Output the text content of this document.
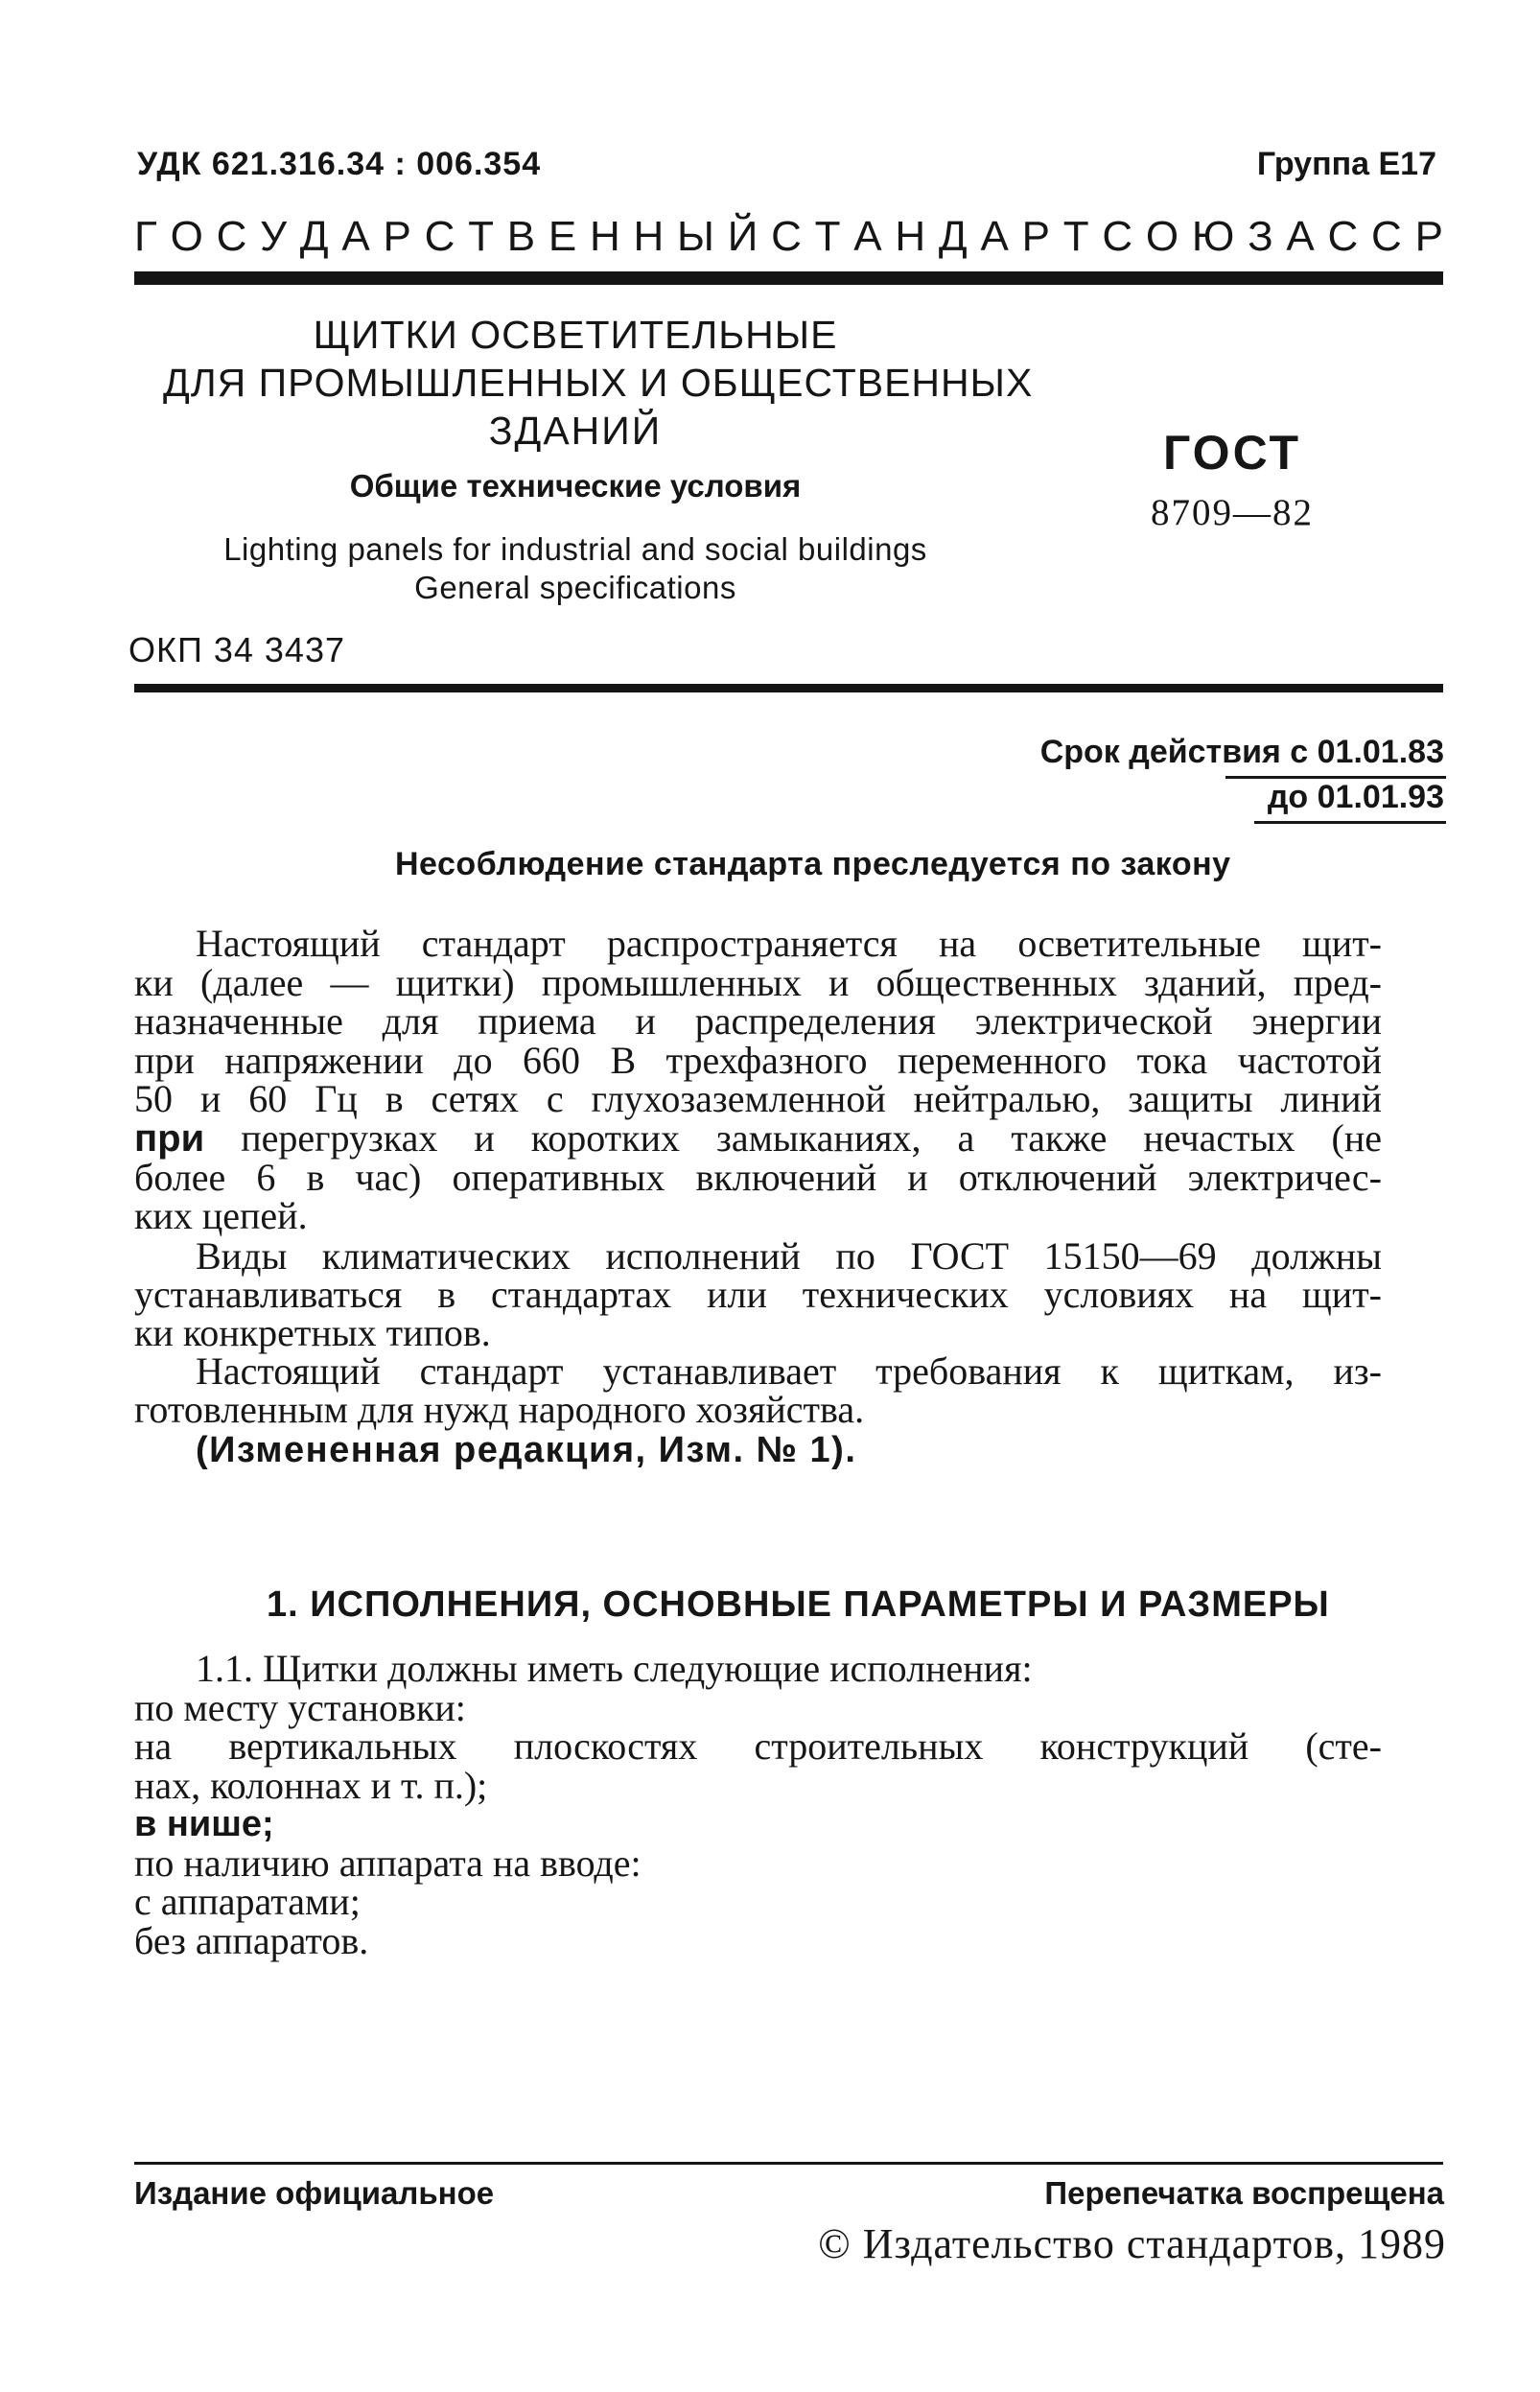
УДК 621.316.34 : 006.354	Группа Е17

Г О С У Д А Р С Т В Е Н Н Ы Й С Т А Н Д А Р Т С О Ю З А С С Р

ЩИТКИ ОСВЕТИТЕЛЬНЫЕ

ДЛЯ ПРОМЫШЛЕННЫХ И ОБЩЕСТВЕННЫХ

ЗДАНИЙ

Общие технические условия

Lighting panels for industrial and social buildings

General specifications

ГОСТ

8709—82

ОКП 34 3437

Срок действия с 01.01.83

до 01.01.93

Несоблюдение стандарта преследуется по закону

Настоящий стандарт распространяется на осветительные щит-
ки (далее — щитки) промышленных и общественных зданий, пред-
назначенные для приема и распределения электрической энергии
при напряжении до 660 В трехфазного переменного тока частотой
50 и 60 Гц в сетях с глухозаземленной нейтралью, защиты линий
при перегрузках и коротких замыканиях, а также нечастых (не
более 6 в час) оперативных включений и отключений электричес-
ких цепей.
Виды климатических исполнений по ГОСТ 15150—69 должны
устанавливаться в стандартах или технических условиях на щит-
ки конкретных типов.
Настоящий стандарт устанавливает требования к щиткам, из-
готовленным для нужд народного хозяйства.

(Измененная редакция, Изм. № 1).

1. ИСПОЛНЕНИЯ, ОСНОВНЫЕ ПАРАМЕТРЫ И РАЗМЕРЫ

1.1. Щитки должны иметь следующие исполнения:
по месту установки:
на вертикальных плоскостях строительных конструкций (сте-
нах, колоннах и т. п.);
в нише;
по наличию аппарата на вводе:
с аппаратами;
без аппаратов.

Издание официальное	Перепечатка воспрещена

© Издательство стандартов, 1989
